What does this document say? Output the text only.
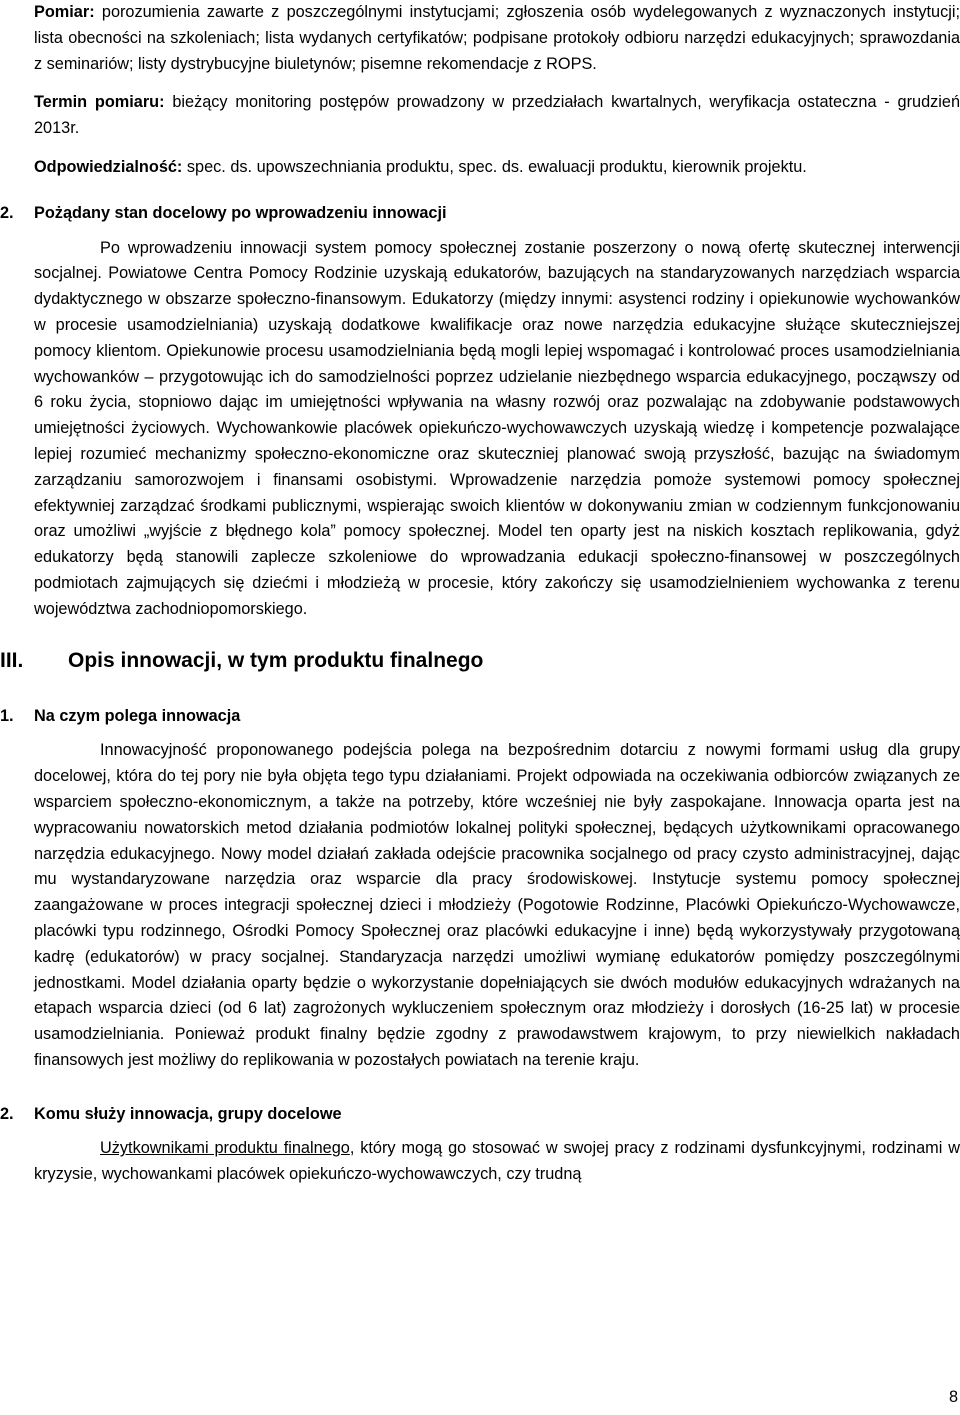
Pomiar: porozumienia zawarte z poszczególnymi instytucjami; zgłoszenia osób wydelegowanych z wyznaczonych instytucji; lista obecności na szkoleniach; lista wydanych certyfikatów; podpisane protokoły odbioru narzędzi edukacyjnych; sprawozdania z seminariów; listy dystrybucyjne biuletynów; pisemne rekomendacje z ROPS.

Termin pomiaru: bieżący monitoring postępów prowadzony w przedziałach kwartalnych, weryfikacja ostateczna - grudzień 2013r.

Odpowiedzialność: spec. ds. upowszechniania produktu, spec. ds. ewaluacji produktu, kierownik projektu.

2.	Pożądany stan docelowy po wprowadzeniu innowacji

Po wprowadzeniu innowacji system pomocy społecznej zostanie poszerzony o nową ofertę skutecznej interwencji socjalnej. Powiatowe Centra Pomocy Rodzinie uzyskają edukatorów, bazujących na standaryzowanych narzędziach wsparcia dydaktycznego w obszarze społeczno-finansowym. Edukatorzy (między innymi: asystenci rodziny i opiekunowie wychowanków w procesie usamodzielniania) uzyskają dodatkowe kwalifikacje oraz nowe narzędzia edukacyjne służące skuteczniejszej pomocy klientom. Opiekunowie procesu usamodzielniania będą mogli lepiej wspomagać i kontrolować proces usamodzielniania wychowanków – przygotowując ich do samodzielności poprzez udzielanie niezbędnego wsparcia edukacyjnego, począwszy od 6 roku życia, stopniowo dając im umiejętności wpływania na własny rozwój oraz pozwalając na zdobywanie podstawowych umiejętności życiowych. Wychowankowie placówek opiekuńczo-wychowawczych uzyskają wiedzę i kompetencje pozwalające lepiej rozumieć mechanizmy społeczno-ekonomiczne oraz skuteczniej planować swoją przyszłość, bazując na świadomym zarządzaniu samorozwojem i finansami osobistymi. Wprowadzenie narzędzia pomoże systemowi pomocy społecznej efektywniej zarządzać środkami publicznymi, wspierając swoich klientów w dokonywaniu zmian w codziennym funkcjonowaniu oraz umożliwi „wyjście z błędnego kola” pomocy społecznej. Model ten oparty jest na niskich kosztach replikowania, gdyż edukatorzy będą stanowili zaplecze szkoleniowe do wprowadzania edukacji społeczno-finansowej w poszczególnych podmiotach zajmujących się dziećmi i młodzieżą w procesie, który zakończy się usamodzielnieniem wychowanka z terenu województwa zachodniopomorskiego.

III.	Opis innowacji, w tym produktu finalnego
1.	Na czym polega innowacja

Innowacyjność proponowanego podejścia polega na bezpośrednim dotarciu z nowymi formami usług dla grupy docelowej, która do tej pory nie była objęta tego typu działaniami. Projekt odpowiada na oczekiwania odbiorców związanych ze wsparciem społeczno-ekonomicznym, a także na potrzeby, które wcześniej nie były zaspokajane. Innowacja oparta jest na wypracowaniu nowatorskich metod działania podmiotów lokalnej polityki społecznej, będących użytkownikami opracowanego narzędzia edukacyjnego. Nowy model działań zakłada odejście pracownika socjalnego od pracy czysto administracyjnej, dając mu wystandaryzowane narzędzia oraz wsparcie dla pracy środowiskowej. Instytucje systemu pomocy społecznej zaangażowane w proces integracji społecznej dzieci i młodzieży (Pogotowie Rodzinne, Placówki Opiekuńczo-Wychowawcze, placówki typu rodzinnego, Ośrodki Pomocy Społecznej oraz placówki edukacyjne i inne) będą wykorzystywały przygotowaną kadrę (edukatorów) w pracy socjalnej. Standaryzacja narzędzi umożliwi wymianę edukatorów pomiędzy poszczególnymi jednostkami. Model działania oparty będzie o wykorzystanie dopełniających sie dwóch modułów edukacyjnych wdrażanych na etapach wsparcia dzieci (od 6 lat) zagrożonych wykluczeniem społecznym oraz młodzieży i dorosłych (16-25 lat) w procesie usamodzielniania. Ponieważ produkt finalny będzie zgodny z prawodawstwem krajowym, to przy niewielkich nakładach finansowych jest możliwy do replikowania w pozostałych powiatach na terenie kraju.

2.	Komu służy innowacja, grupy docelowe

Użytkownikami produktu finalnego, który mogą go stosować w swojej pracy z rodzinami dysfunkcyjnymi, rodzinami w kryzysie, wychowankami placówek opiekuńczo-wychowawczych, czy trudną

8
